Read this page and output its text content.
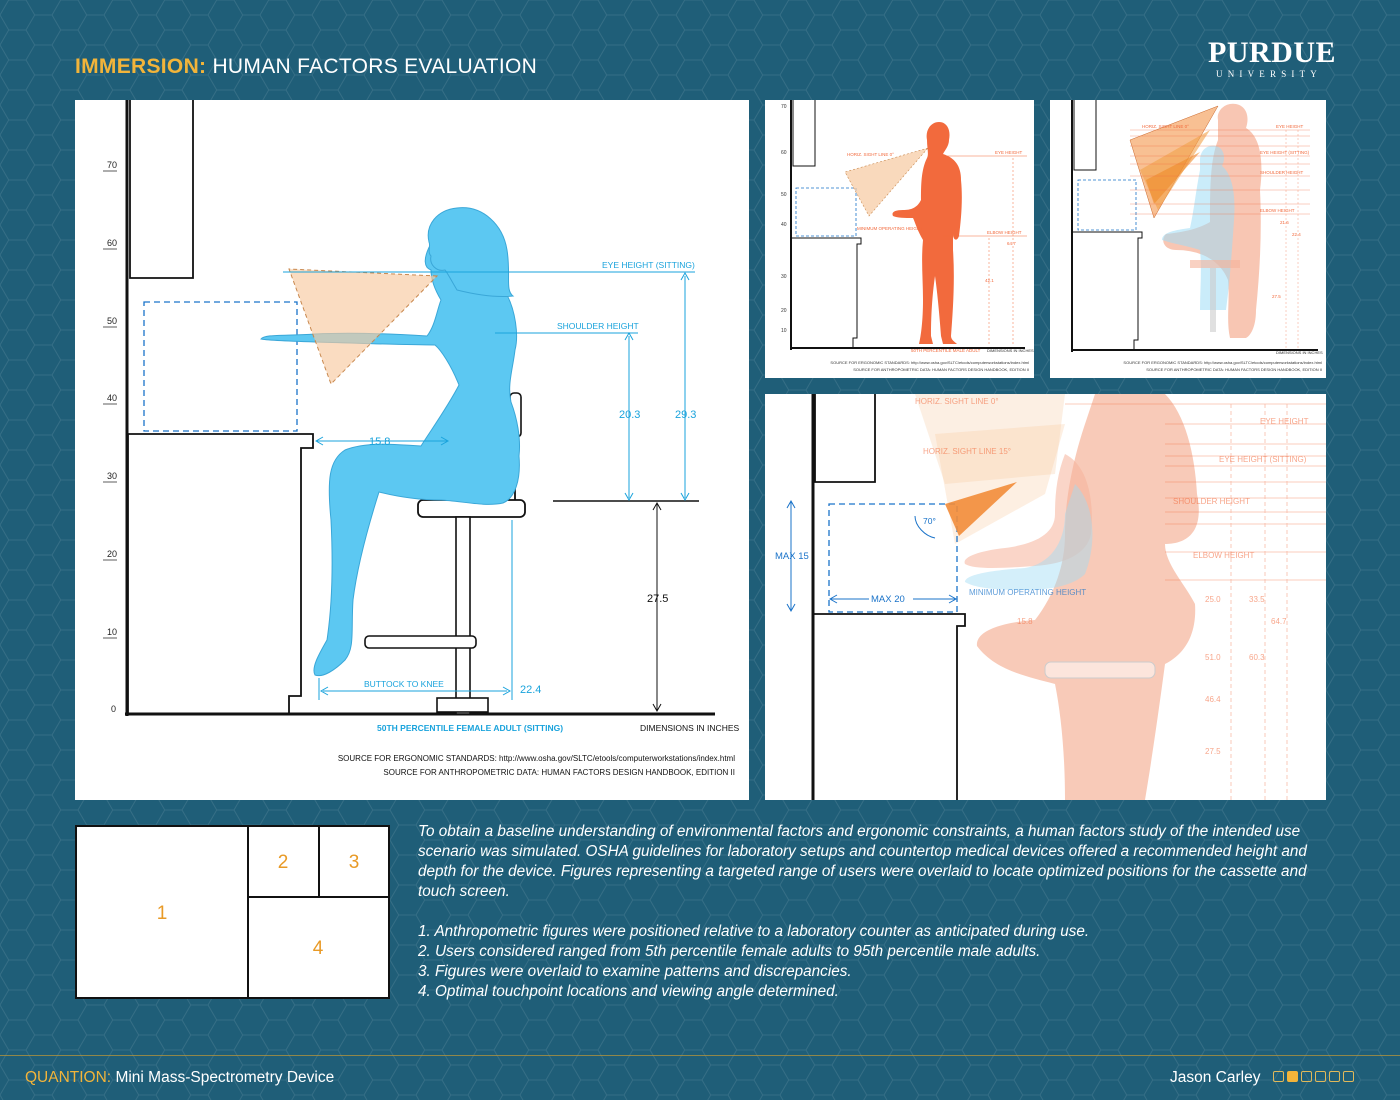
IMMERSION: HUMAN FACTORS EVALUATION	PURDUE
UNIVERSITY
70
60
50
40
30
20
10
0
EYE HEIGHT (SITTING)
SHOULDER HEIGHT
20.3	29.3
27.5
15.8
BUTTOCK TO KNEE	22.4
50TH PERCENTILE FEMALE ADULT (SITTING)	DIMENSIONS IN INCHES
SOURCE FOR ERGONOMIC STANDARDS: http://www.osha.gov/SLTC/etools/computerworkstations/index.html
SOURCE FOR ANTHROPOMETRIC DATA: HUMAN FACTORS DESIGN HANDBOOK, EDITION II
70
60
50
40
30
20
10
HORIZ. SIGHT LINE 0°	EYE HEIGHT
ELBOW HEIGHT
MINIMUM OPERATING HEIGHT
64.7
42.1
50TH PERCENTILE MALE ADULT DIMENSIONS IN INCHES
SOURCE FOR ERGONOMIC STANDARDS: http://www.osha.gov/SLTC/etools/computerworkstations/index.html
SOURCE FOR ANTHROPOMETRIC DATA: HUMAN FACTORS DESIGN HANDBOOK, EDITION II
HORIZ. SIGHT LINE 0°	EYE HEIGHT
EYE HEIGHT (SITTING)
SHOULDER HEIGHT
ELBOW HEIGHT
27.5
21.6
22.4
DIMENSIONS IN INCHES
SOURCE FOR ERGONOMIC STANDARDS: http://www.osha.gov/SLTC/etools/computerworkstations/index.html
SOURCE FOR ANTHROPOMETRIC DATA: HUMAN FACTORS DESIGN HANDBOOK, EDITION II
HORIZ. SIGHT LINE 0°
HORIZ. SIGHT LINE 15°
EYE HEIGHT
EYE HEIGHT (SITTING)
SHOULDER HEIGHT
ELBOW HEIGHT
15.8
25.0	33.5
64.7
51.0	60.3
46.4
27.5
70°
MAX 15
MAX 20
MINIMUM OPERATING HEIGHT
1
2	3
4

To obtain a baseline understanding of environmental factors and ergonomic constraints, a human factors study of the intended use scenario was simulated. OSHA guidelines for laboratory setups and countertop medical devices offered a recommended height and depth for the device. Figures representing a targeted range of users were overlaid to locate optimized positions for the cassette and touch screen.

1. Anthropometric figures were positioned relative to a laboratory counter as anticipated during use.
2. Users considered ranged from 5th percentile female adults to 95th percentile male adults.
3. Figures were overlaid to examine patterns and discrepancies.
4. Optimal touchpoint locations and viewing angle determined.
QUANTION: Mini Mass-Spectrometry Device	Jason Carley
